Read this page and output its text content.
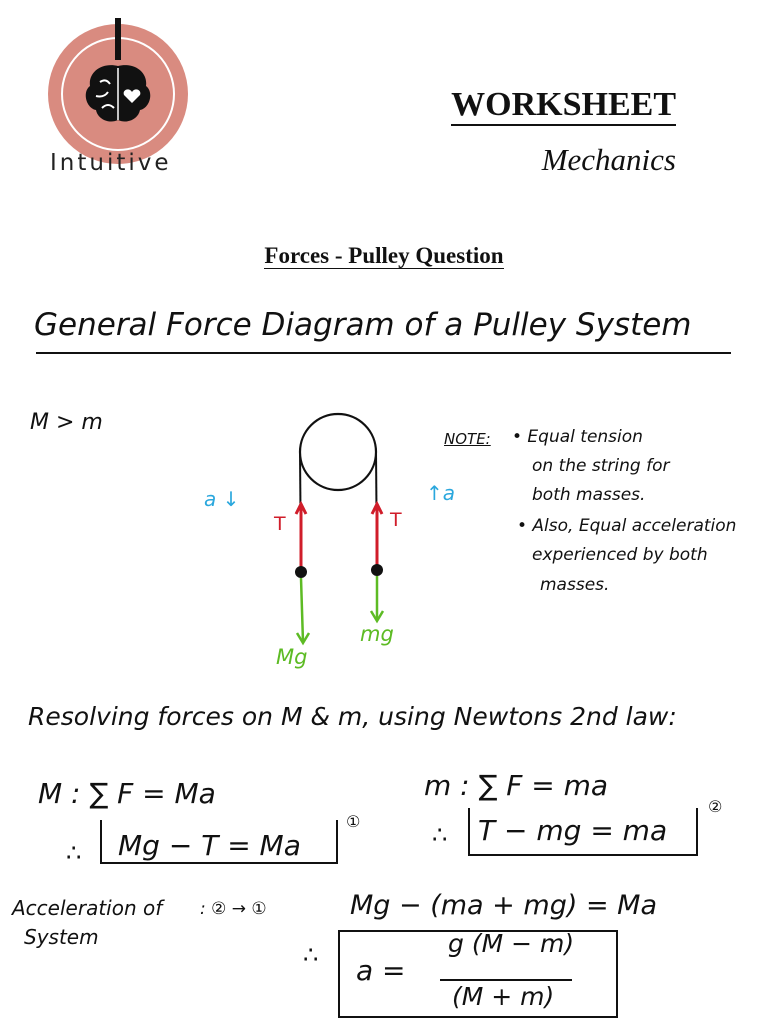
Intuitive
WORKSHEET
Mechanics
Forces - Pulley Question
General Force Diagram of a Pulley System
M > m
T	T
a ↓	↑a
Mg
mg
NOTE: • Equal tension
on the string for
both masses.
• Also, Equal acceleration
experienced by both
masses.
Resolving forces on M & m, using Newtons 2nd law:
M : ∑ F = Ma
∴ Mg − T = Ma
①
m : ∑ F = ma
∴ T − mg = ma
②
Acceleration of
System
: ② → ①	Mg − (ma + mg) = Ma
∴ a =
g (M − m)
(M + m)
